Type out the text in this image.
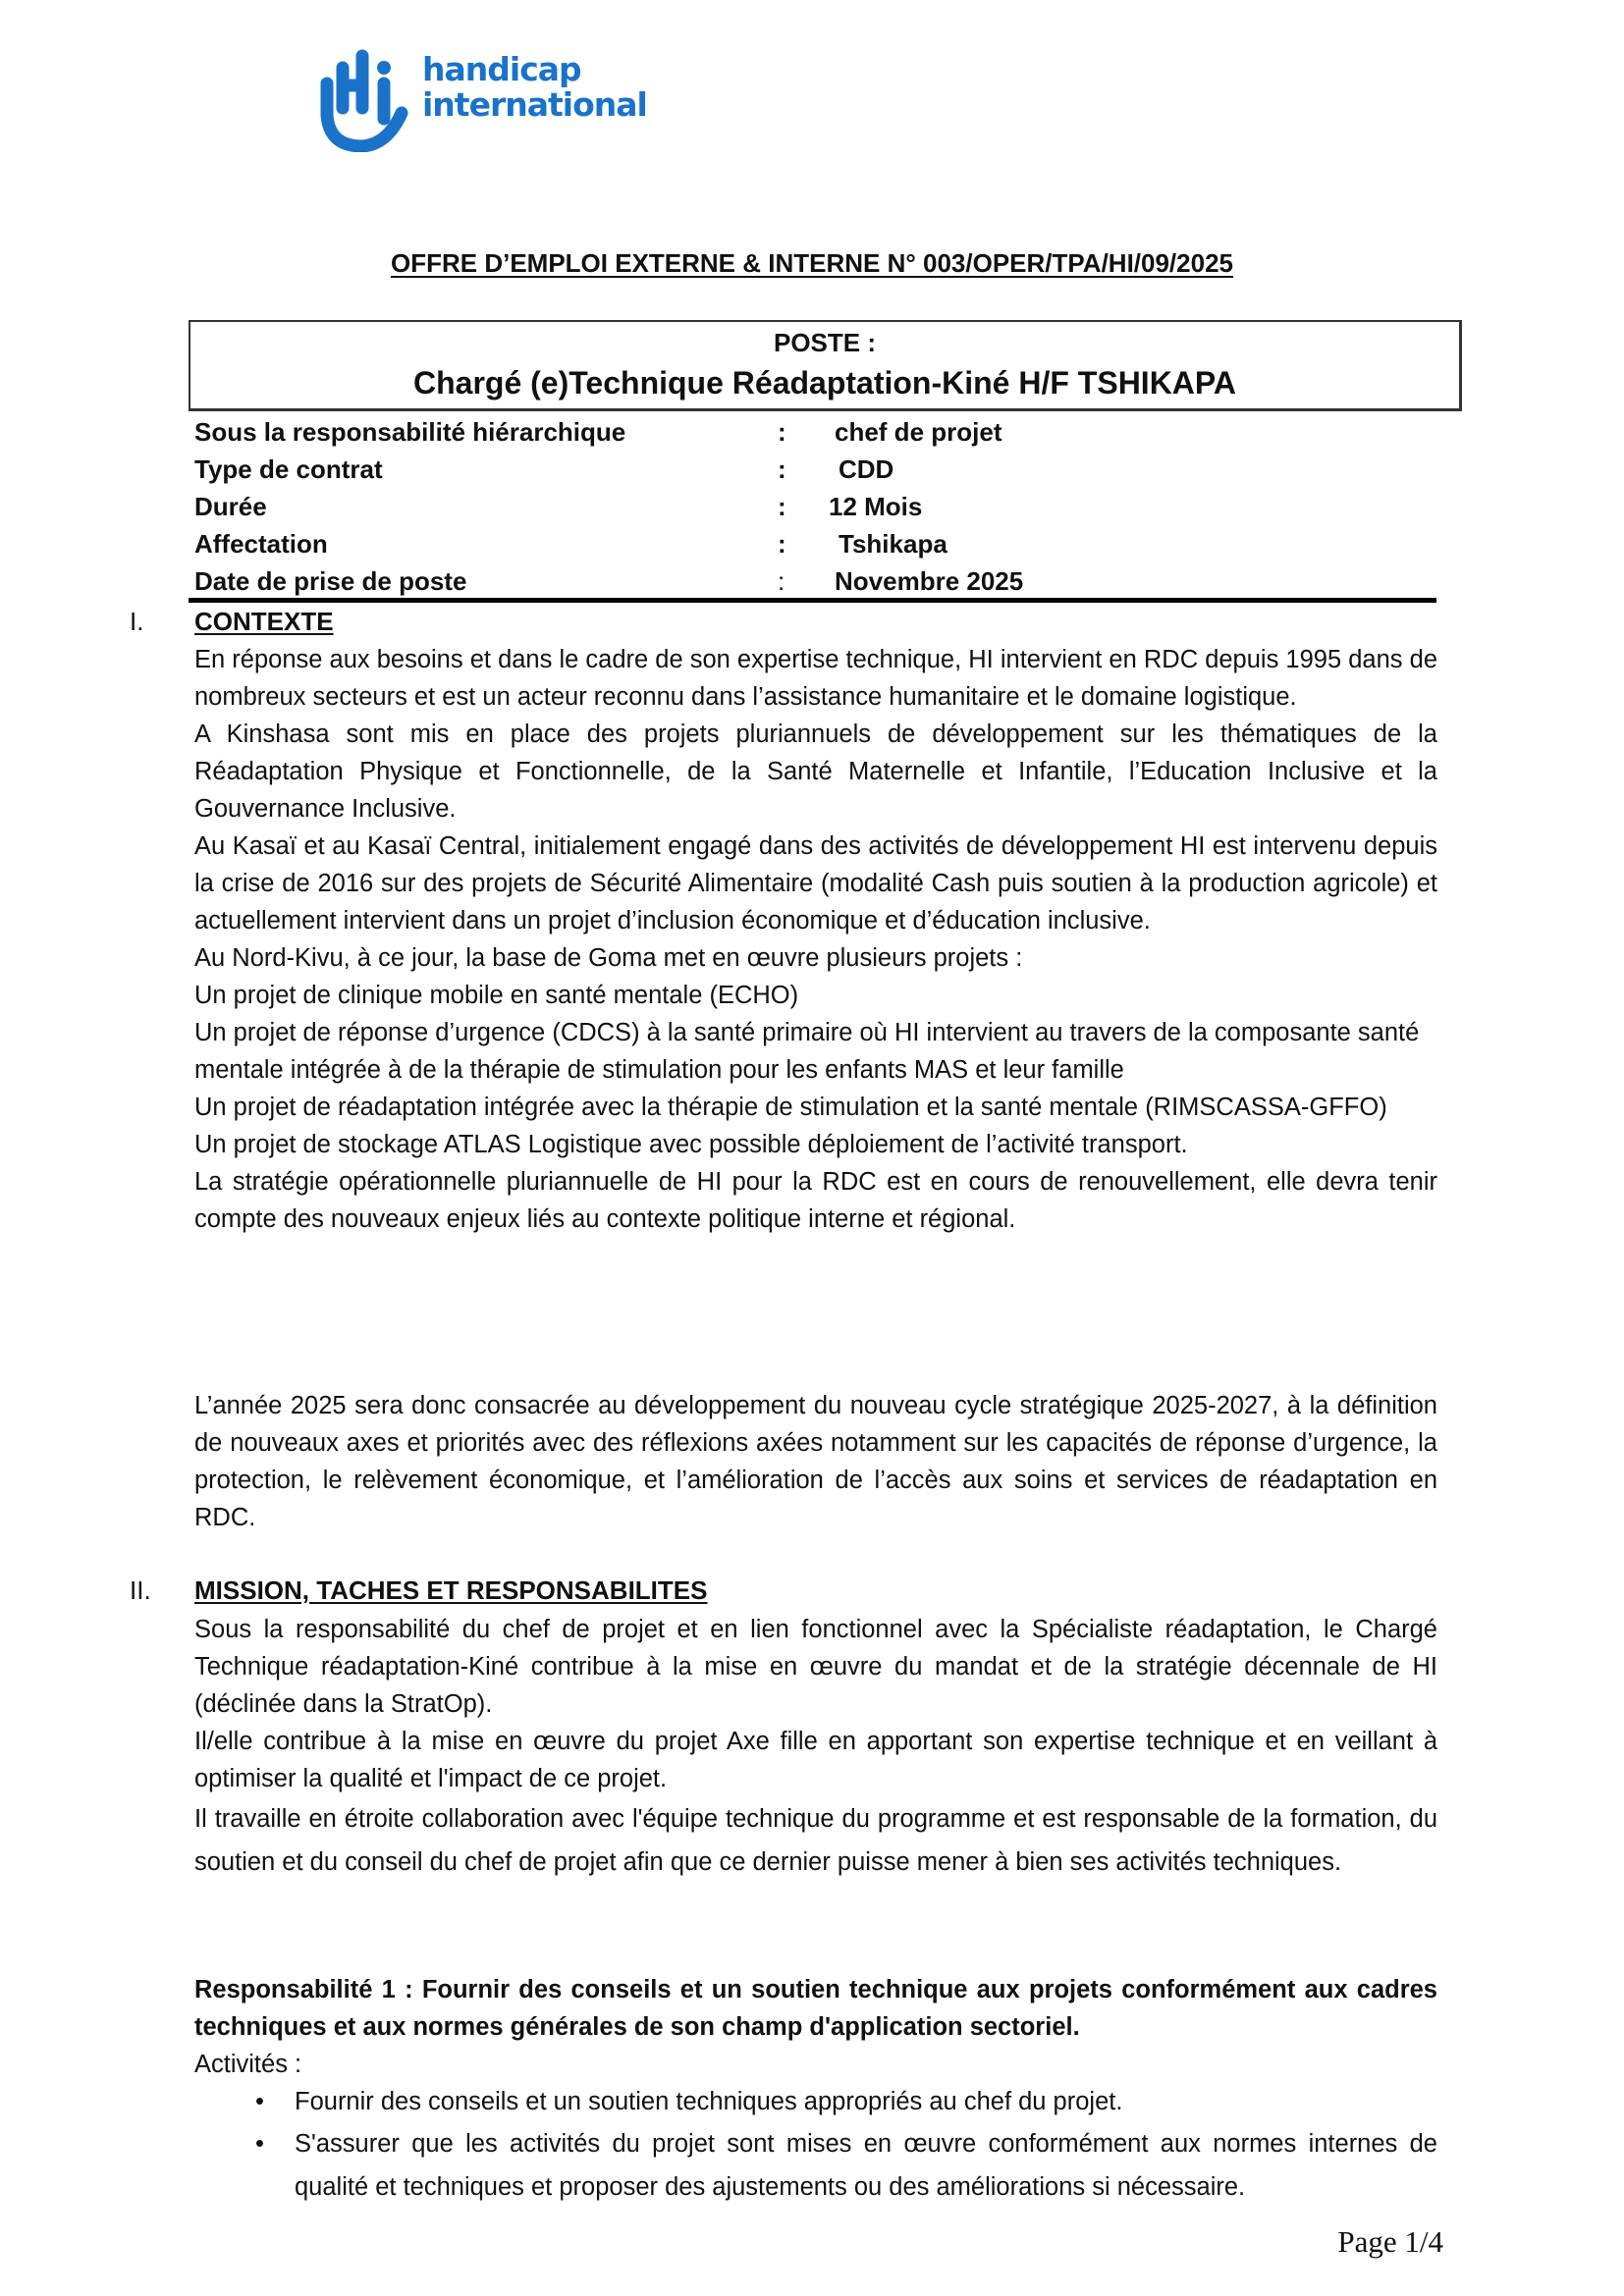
handicap
international
OFFRE D’EMPLOI EXTERNE & INTERNE N° 003/OPER/TPA/HI/09/2025
POSTE :
Chargé (e)Technique Réadaptation-Kiné H/F TSHIKAPA
Sous la responsabilité hiérarchique	: chef de projet
Type de contrat	: CDD
Durée	: 12 Mois
Affectation	: Tshikapa
Date de prise de poste	: Novembre 2025
I. CONTEXTE

En réponse aux besoins et dans le cadre de son expertise technique, HI intervient en RDC depuis 1995 dans de nombreux secteurs et est un acteur reconnu dans l’assistance humanitaire et le domaine logistique.

A Kinshasa sont mis en place des projets pluriannuels de développement sur les thématiques de la Réadaptation Physique et Fonctionnelle, de la Santé Maternelle et Infantile, l’Education Inclusive et la Gouvernance Inclusive.

Au Kasaï et au Kasaï Central, initialement engagé dans des activités de développement HI est intervenu depuis la crise de 2016 sur des projets de Sécurité Alimentaire (modalité Cash puis soutien à la production agricole) et actuellement intervient dans un projet d’inclusion économique et d’éducation inclusive.

Au Nord-Kivu, à ce jour, la base de Goma met en œuvre plusieurs projets :

Un projet de clinique mobile en santé mentale (ECHO)

Un projet de réponse d’urgence (CDCS) à la santé primaire où HI intervient au travers de la composante santé mentale intégrée à de la thérapie de stimulation pour les enfants MAS et leur famille

Un projet de réadaptation intégrée avec la thérapie de stimulation et la santé mentale (RIMSCASSA-GFFO)

Un projet de stockage ATLAS Logistique avec possible déploiement de l’activité transport.

La stratégie opérationnelle pluriannuelle de HI pour la RDC est en cours de renouvellement, elle devra tenir compte des nouveaux enjeux liés au contexte politique interne et régional.

L’année 2025 sera donc consacrée au développement du nouveau cycle stratégique 2025-2027, à la définition de nouveaux axes et priorités avec des réflexions axées notamment sur les capacités de réponse d’urgence, la protection, le relèvement économique, et l’amélioration de l’accès aux soins et services de réadaptation en RDC.

II. MISSION, TACHES ET RESPONSABILITES

Sous la responsabilité du chef de projet et en lien fonctionnel avec la Spécialiste réadaptation, le Chargé Technique réadaptation-Kiné contribue à la mise en œuvre du mandat et de la stratégie décennale de HI (déclinée dans la StratOp).

Il/elle contribue à la mise en œuvre du projet Axe fille en apportant son expertise technique et en veillant à optimiser la qualité et l'impact de ce projet.

Il travaille en étroite collaboration avec l'équipe technique du programme et est responsable de la formation, du soutien et du conseil du chef de projet afin que ce dernier puisse mener à bien ses activités techniques.

Responsabilité 1 : Fournir des conseils et un soutien technique aux projets conformément aux cadres techniques et aux normes générales de son champ d'application sectoriel.

Activités :

• Fournir des conseils et un soutien techniques appropriés au chef du projet.
• S'assurer que les activités du projet sont mises en œuvre conformément aux normes internes de qualité et techniques et proposer des ajustements ou des améliorations si nécessaire.
Page 1/4
